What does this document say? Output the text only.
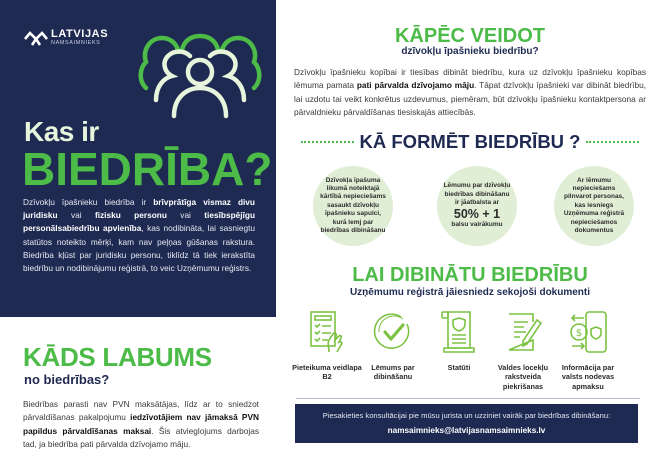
LATVIJAS
NAMSAIMNIEKS
Kas ir
BIEDRĪBA?

Dzīvokļu īpašnieku biedrība ir brīvprātīga vismaz divu juridisku vai fizisku personu vai tiesībspējīgu personālsabiedrību apvienība, kas nodibināta, lai sasniegtu statūtos noteikto mērķi, kam nav peļņas gūšanas rakstura. Biedrība kļūst par juridisku personu, tiklīdz tā tiek ierakstīta biedrību un nodibinājumu reģistrā, to veic Uzņēmumu reģistrs.

KĀDS LABUMS
no biedrības?

Biedrības parasti nav PVN maksātājas, līdz ar to sniedzot pārvaldīšanas pakalpojumu iedzīvotājiem nav jāmaksā PVN papildus pārvaldīšanas maksai. Šis atvieglojums darbojas tad, ja biedrība pati pārvalda dzīvojamo māju.

KĀPĒC VEIDOT
dzīvokļu īpašnieku biedrību?

Dzīvokļu īpašnieku kopībai ir tiesības dibināt biedrību, kura uz dzīvokļu īpašnieku kopības lēmuma pamata pati pārvalda dzīvojamo māju. Tāpat dzīvokļu īpašnieki var dibināt biedrību, lai uzdotu tai veikt konkrētus uzdevumus, piemēram, būt dzīvokļu īpašnieku kontaktpersona ar pārvaldnieku pārvaldīšanas tiesiskajās attiecībās.

KĀ FORMĒT BIEDRĪBU ?
Dzīvokļa īpašuma likumā noteiktajā kārtībā nepieciešams sasaukt dzīvokļu īpašnieku sapulci, kurā lemj par biedrības dibināšanu
Lēmumu par dzīvokļu biedrības dibināšanu ir jāatbalsta ar
50% + 1
balsu vairākumu
Ar lēmumu nepieciešams pilnvarot personas, kas iesniegs Uzņēmuma reģistrā nepieciešamos dokumentus
LAI DIBINĀTU BIEDRĪBU
Uzņēmumu reģistrā jāiesniedz sekojoši dokumenti
Pieteikuma veidlapa B2
Lēmums par dibināšanu
Statūti	Valdes locekļu rakstveida piekrišanas
$
Informācija par valsts nodevas apmaksu
Piesakieties konsultācijai pie mūsu jurista un uzziniet vairāk par biedrības dibināšanu:
namsaimnieks@latvijasnamsaimnieks.lv
